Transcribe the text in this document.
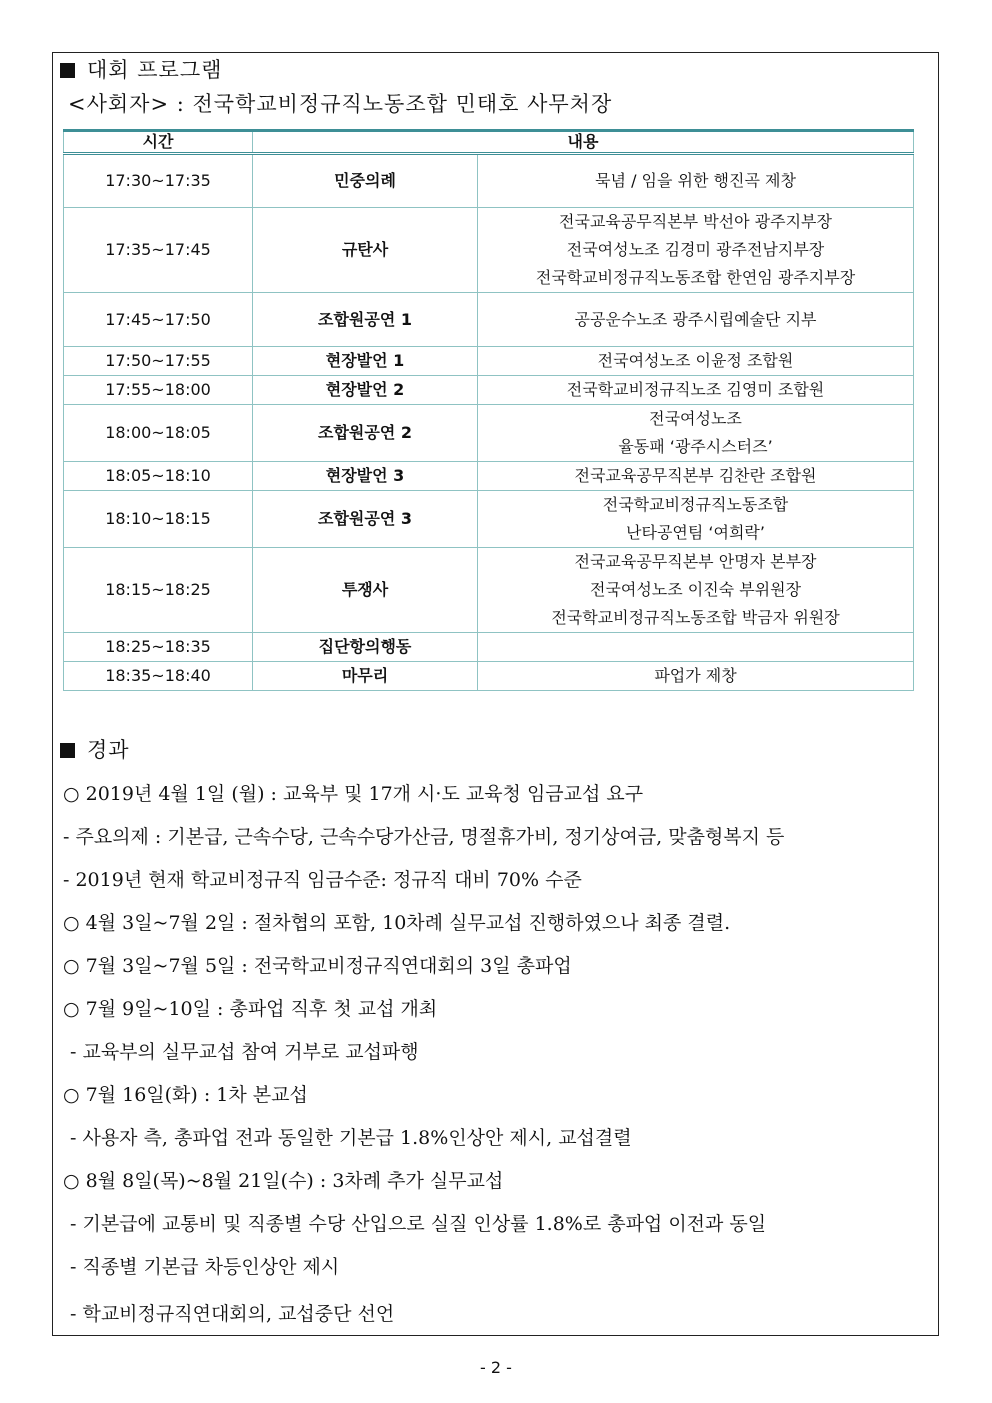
대회 프로그램
<사회자> : 전국학교비정규직노동조합 민태호 사무처장
시간	내용	
17:30~17:35	민중의례	묵념 / 임을 위한 행진곡 제창

17:35~17:45	규탄사	전국교육공무직본부 박선아 광주지부장
전국여성노조 김경미 광주전남지부장
전국학교비정규직노동조합 한연임 광주지부장

17:45~17:50	조합원공연 1	공공운수노조 광주시립예술단 지부

17:50~17:55	현장발언 1	전국여성노조 이윤정 조합원

17:55~18:00	현장발언 2	전국학교비정규직노조 김영미 조합원

18:00~18:05	조합원공연 2	전국여성노조
율동패 ‘광주시스터즈’

18:05~18:10	현장발언 3	전국교육공무직본부 김찬란 조합원

18:10~18:15	조합원공연 3	전국학교비정규직노동조합
난타공연팀 ‘여희락’

18:15~18:25	투쟁사	전국교육공무직본부 안명자 본부장
전국여성노조 이진숙 부위원장
전국학교비정규직노동조합 박금자 위원장

18:25~18:35	집단항의행동	

18:35~18:40	마무리	파업가 제창
경과
○ 2019년 4월 1일 (월) : 교육부 및 17개 시·도 교육청 임금교섭 요구
- 주요의제 : 기본급, 근속수당, 근속수당가산금, 명절휴가비, 정기상여금, 맞춤형복지 등
- 2019년 현재 학교비정규직 임금수준: 정규직 대비 70% 수준
○ 4월 3일~7월 2일 : 절차협의 포함, 10차례 실무교섭 진행하였으나 최종 결렬.
○ 7월 3일~7월 5일 : 전국학교비정규직연대회의 3일 총파업
○ 7월 9일~10일 : 총파업 직후 첫 교섭 개최
- 교육부의 실무교섭 참여 거부로 교섭파행
○ 7월 16일(화) : 1차 본교섭
- 사용자 측, 총파업 전과 동일한 기본급 1.8%인상안 제시, 교섭결렬
○ 8월 8일(목)~8월 21일(수) : 3차례 추가 실무교섭
- 기본급에 교통비 및 직종별 수당 산입으로 실질 인상률 1.8%로 총파업 이전과 동일
- 직종별 기본급 차등인상안 제시
- 학교비정규직연대회의, 교섭중단 선언
- 2 -
